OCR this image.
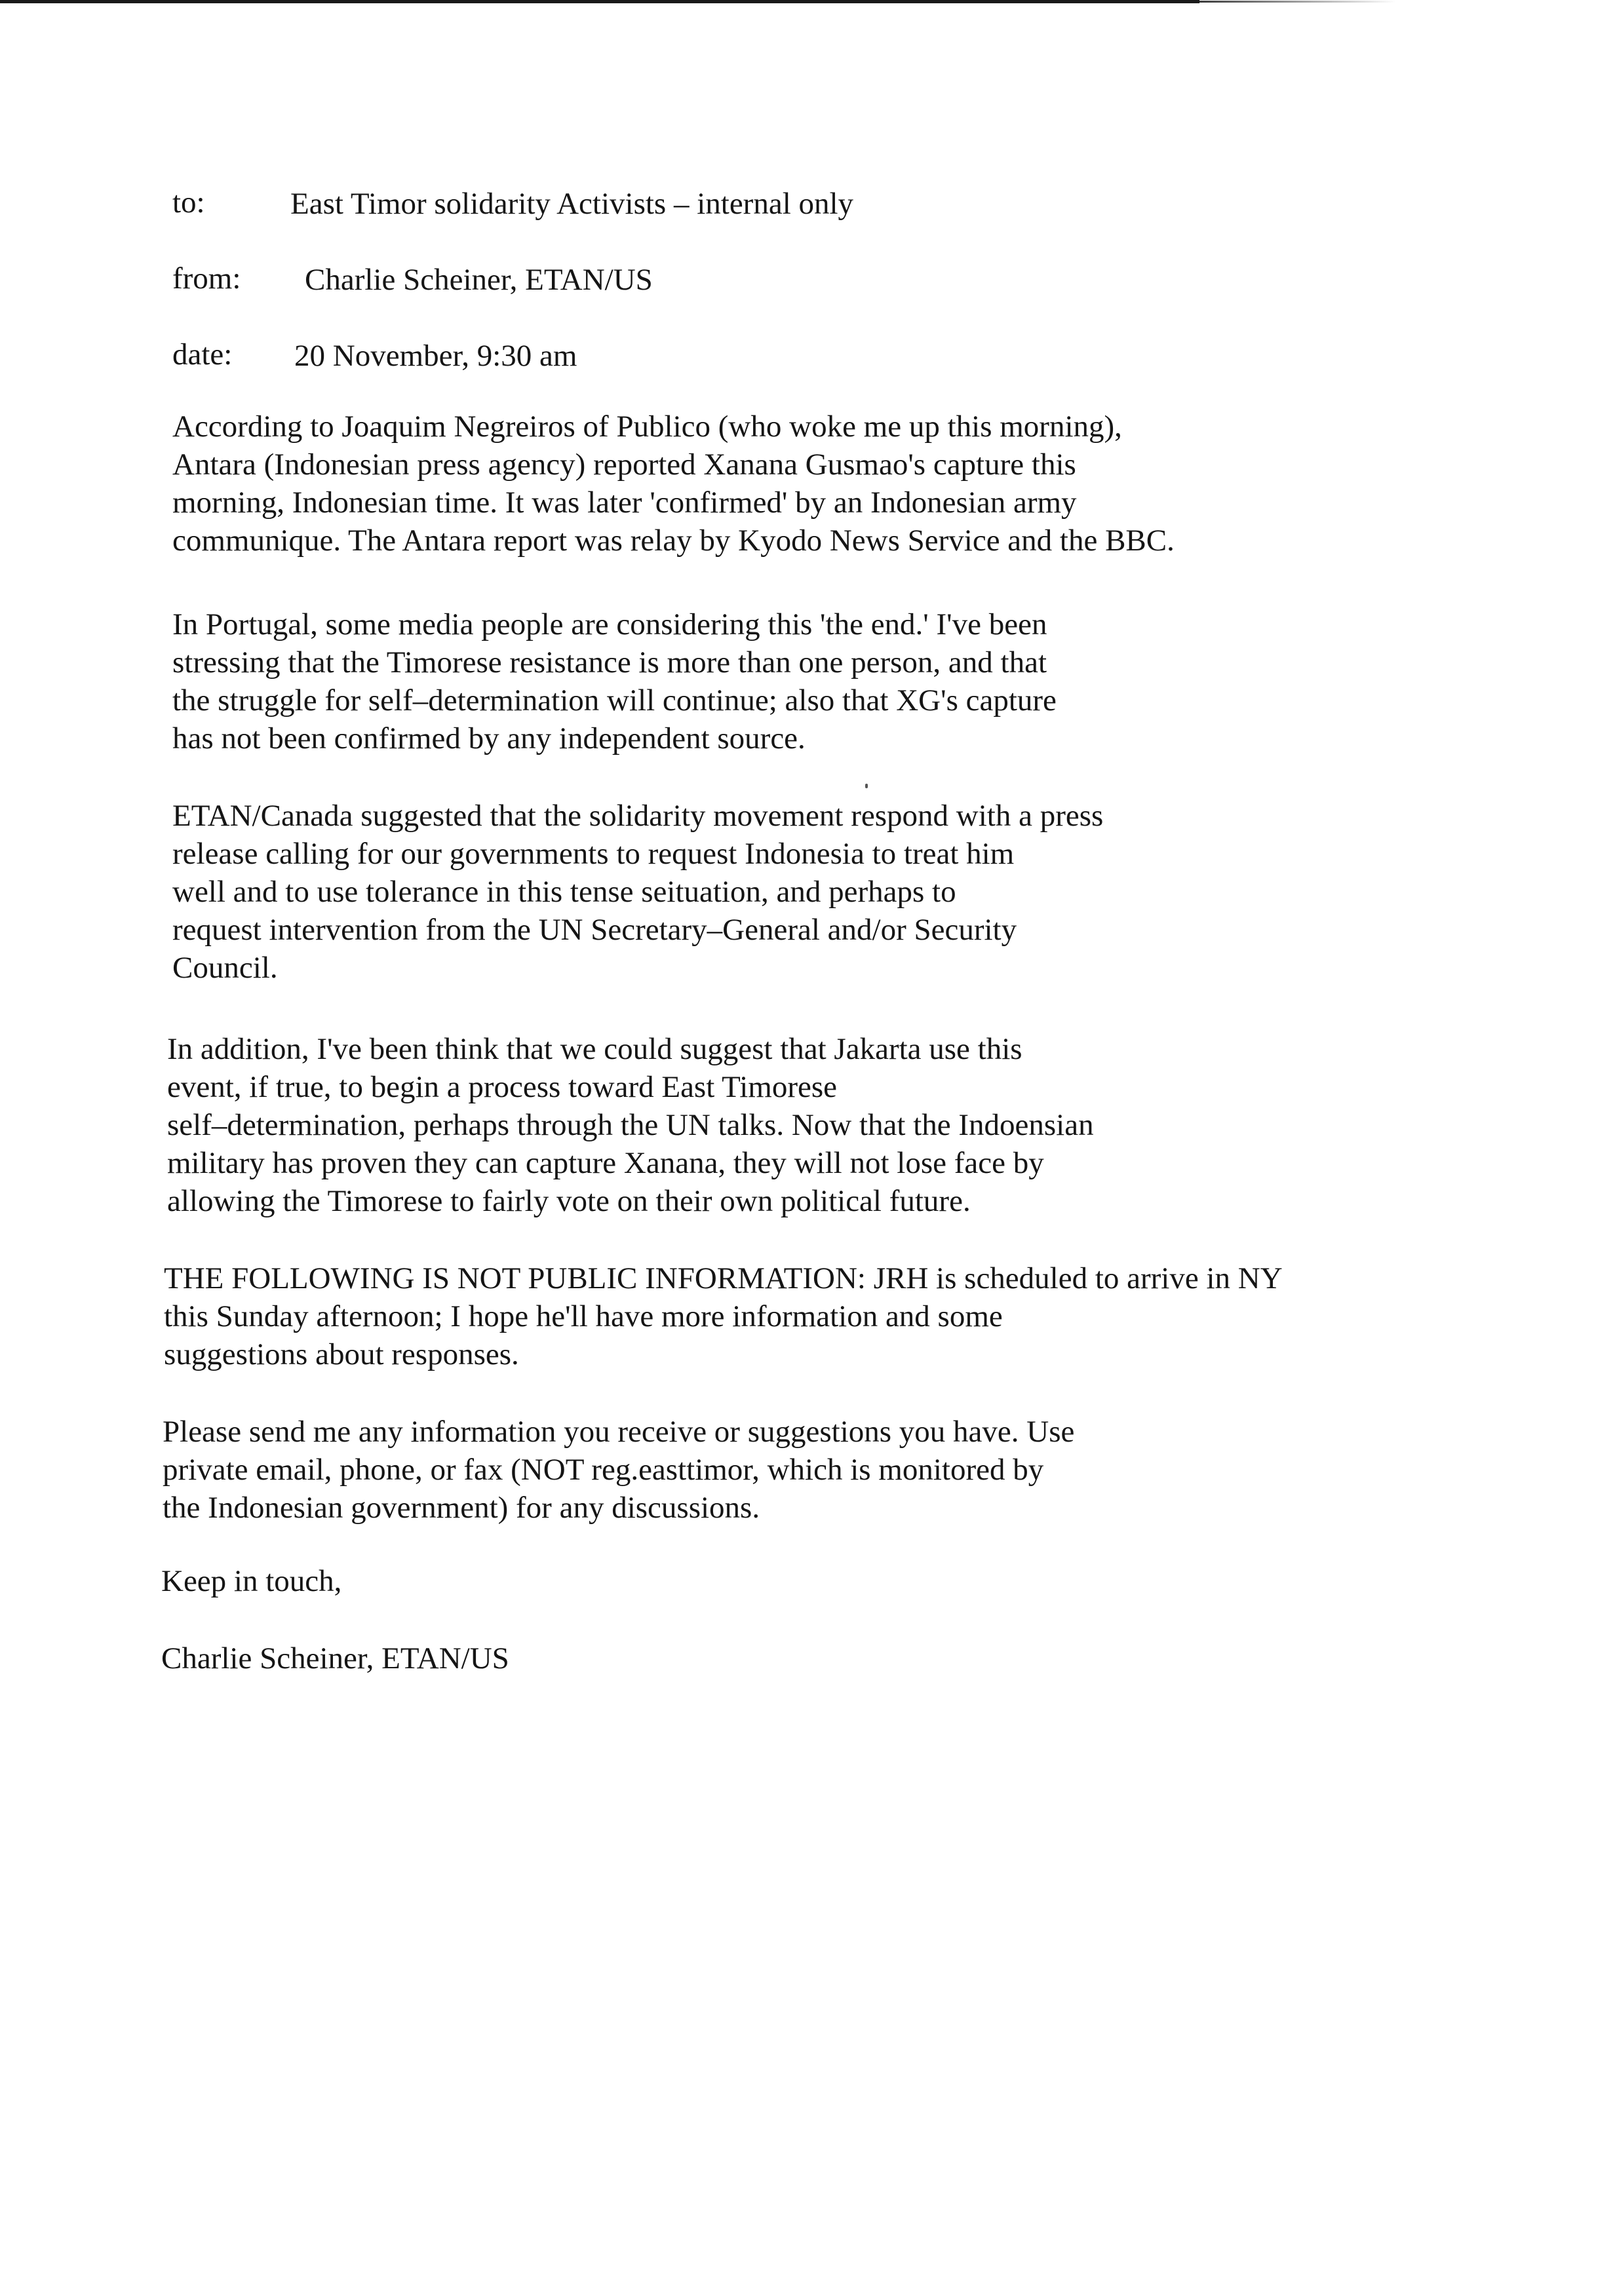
to:	East Timor solidarity Activists – internal only
from: Charlie Scheiner, ETAN/US
date: 20 November, 9:30 am

According to Joaquim Negreiros of Publico (who woke me up this morning),
Antara (Indonesian press agency) reported Xanana Gusmao's capture this
morning, Indonesian time. It was later 'confirmed' by an Indonesian army
communique. The Antara report was relay by Kyodo News Service and the BBC.

In Portugal, some media people are considering this 'the end.' I've been
stressing that the Timorese resistance is more than one person, and that
the struggle for self–determination will continue; also that XG's capture
has not been confirmed by any independent source.

ETAN/Canada suggested that the solidarity movement respond with a press
release calling for our governments to request Indonesia to treat him
well and to use tolerance in this tense seituation, and perhaps to
request intervention from the UN Secretary–General and/or Security
Council.

In addition, I've been think that we could suggest that Jakarta use this
event, if true, to begin a process toward East Timorese
self–determination, perhaps through the UN talks. Now that the Indoensian
military has proven they can capture Xanana, they will not lose face by
allowing the Timorese to fairly vote on their own political future.

THE FOLLOWING IS NOT PUBLIC INFORMATION: JRH is scheduled to arrive in NY
this Sunday afternoon; I hope he'll have more information and some
suggestions about responses.

Please send me any information you receive or suggestions you have. Use
private email, phone, or fax (NOT reg.easttimor, which is monitored by
the Indonesian government) for any discussions.

Keep in touch,

Charlie Scheiner, ETAN/US
